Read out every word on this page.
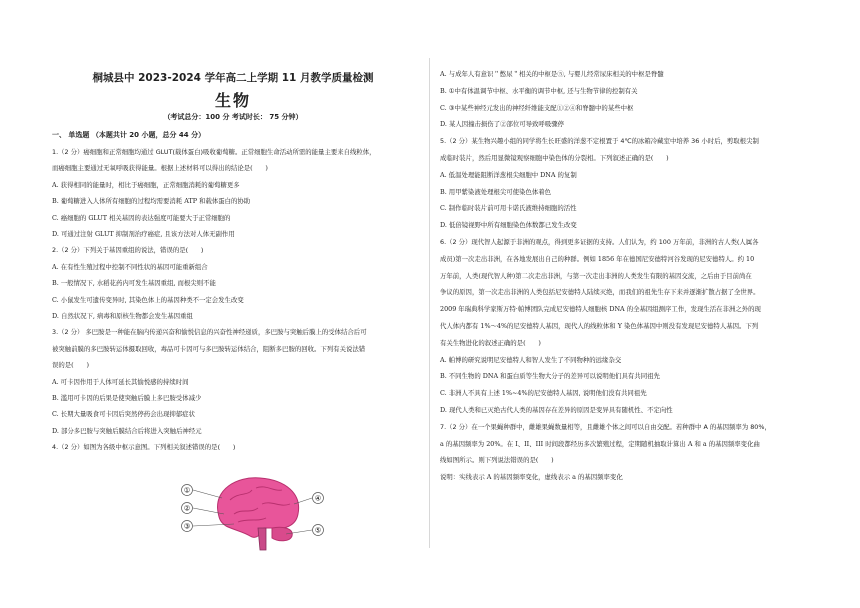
桐城县中 2023-2024 学年高二上学期 11 月教学质量检测
生物
（考试总分：100 分 考试时长： 75 分钟）
一、 单选题 （本题共计 20 小题，总分 44 分）
1.（2 分）癌细胞和正常细胞均通过 GLUT(载体蛋白)吸收葡萄糖。正常细胞生命活动所需的能量主要来自线粒体，
而癌细胞主要通过无氧呼吸获得能量。根据上述材料可以得出的结论是(　　)
A. 获得相同的能量时，相比于癌细胞，正常细胞消耗的葡萄糖更多
B. 葡萄糖进入人体所有细胞的过程均需要消耗 ATP 和载体蛋白的协助
C. 癌细胞的 GLUT 相关基因的表达强度可能要大于正常细胞的
D. 可通过注射 GLUT 抑制剂治疗癌症, 且该方法对人体无副作用
2.（2 分）下列关于基因重组的说法，错误的是(　　)
A. 在有性生殖过程中控制不同性状的基因可能重新组合
B. 一般情况下, 水稻花药内可发生基因重组, 而根尖则不能
C. 小鼠发生可遗传变异时, 其染色体上的基因种类不一定会发生改变
D. 自然状况下, 病毒和原核生物都会发生基因重组
3.（2 分） 多巴胺是一种能在脑内传递兴奋和愉悦信息的兴奋性神经递质，多巴胺与突触后膜上的受体结合后可
被突触前膜的多巴胺转运体摄取回收，毒品可卡因可与多巴胺转运体结合，阻断多巴胺的回收。下列有关说法错
误的是(　　)
A. 可卡因作用于人体可延长其愉悦感的持续时间
B. 滥用可卡因的后果是使突触后膜上多巴胺受体减少
C. 长期大量吸食可卡因后突然停药会出现抑郁症状
D. 部分多巴胺与突触后膜结合后将进入突触后神经元
4.（2 分）如图为各级中枢示意图。下列相关叙述错误的是(　　)
A. 与成年人有意识＂憋尿＂相关的中枢是⑤, 与婴儿经常尿床相关的中枢是脊髓
B. ①中有体温调节中枢、水平衡的调节中枢, 还与生物节律的控制有关
C. ③中某些神经元发出的神经纤维能支配①②④和脊髓中的某些中枢
D. 某人因撞击损伤了②部位可导致呼吸骤停
5.（2 分）某生物兴趣小组的同学将生长旺盛的洋葱不定根置于 4℃的冰箱冷藏室中培养 36 小时后，剪取根尖制
成临时装片，然后用显微镜观察细胞中染色体的分裂相。下列叙述正确的是(　　)
A. 低温处理能阻断洋葱根尖细胞中 DNA 的复制
B. 用甲紫染液处理根尖可使染色体着色
C. 制作临时装片前可用卡诺氏液维持细胞的活性
D. 低倍镜视野中所有细胞染色体数都已发生改变
6.（2 分）现代智人起源于非洲的观点，得到更多证据的支持。人们认为，约 100 万年前，非洲的古人类(人属各
成员)第一次走出非洲，在各地发展出自己的种群。例如 1856 年在德国尼安德特河谷发现的尼安德特人。约 10
万年前，人类(现代智人种)第二次走出非洲，与第一次走出非洲的人类发生有限的基因交流，之后由于目前尚在
争议的原因，第一次走出非洲的人类包括尼安德特人陆续灭绝，而我们的祖先生存下来并逐渐扩散占据了全世界。
2009 年瑞典科学家斯万特·帕博团队完成尼安德特人细胞核 DNA 的全基因组测序工作，发现生活在非洲之外的现
代人体内都有 1%～4%的尼安德特人基因，现代人的线粒体和 Y 染色体基因中则没有发现尼安德特人基因。下列
有关生物进化的叙述正确的是(　　)
A. 帕博的研究说明尼安德特人和智人发生了不同物种的远缘杂交
B. 不同生物的 DNA 和蛋白质等生物大分子的差异可以说明他们具有共同祖先
C. 非洲人不具有上述 1%~4%的尼安德特人基因, 说明他们没有共同祖先
D. 现代人类和已灭绝古代人类的基因存在差异的原因是变异具有随机性、不定向性
7.（2 分）在一个果蝇种群中，雌雄果蝇数量相等，且雌雄个体之间可以自由交配。若种群中 A 的基因频率为 80%，
a 的基因频率为 20%。在 I、II、III 时间段都经历多次繁殖过程，定期随机抽取计算出 A 和 a 的基因频率变化曲
线如图所示。则下列说法错误的是(　　)
说明：实线表示 A 的基因频率变化，虚线表示 a 的基因频率变化
①
②
③
④
⑤
